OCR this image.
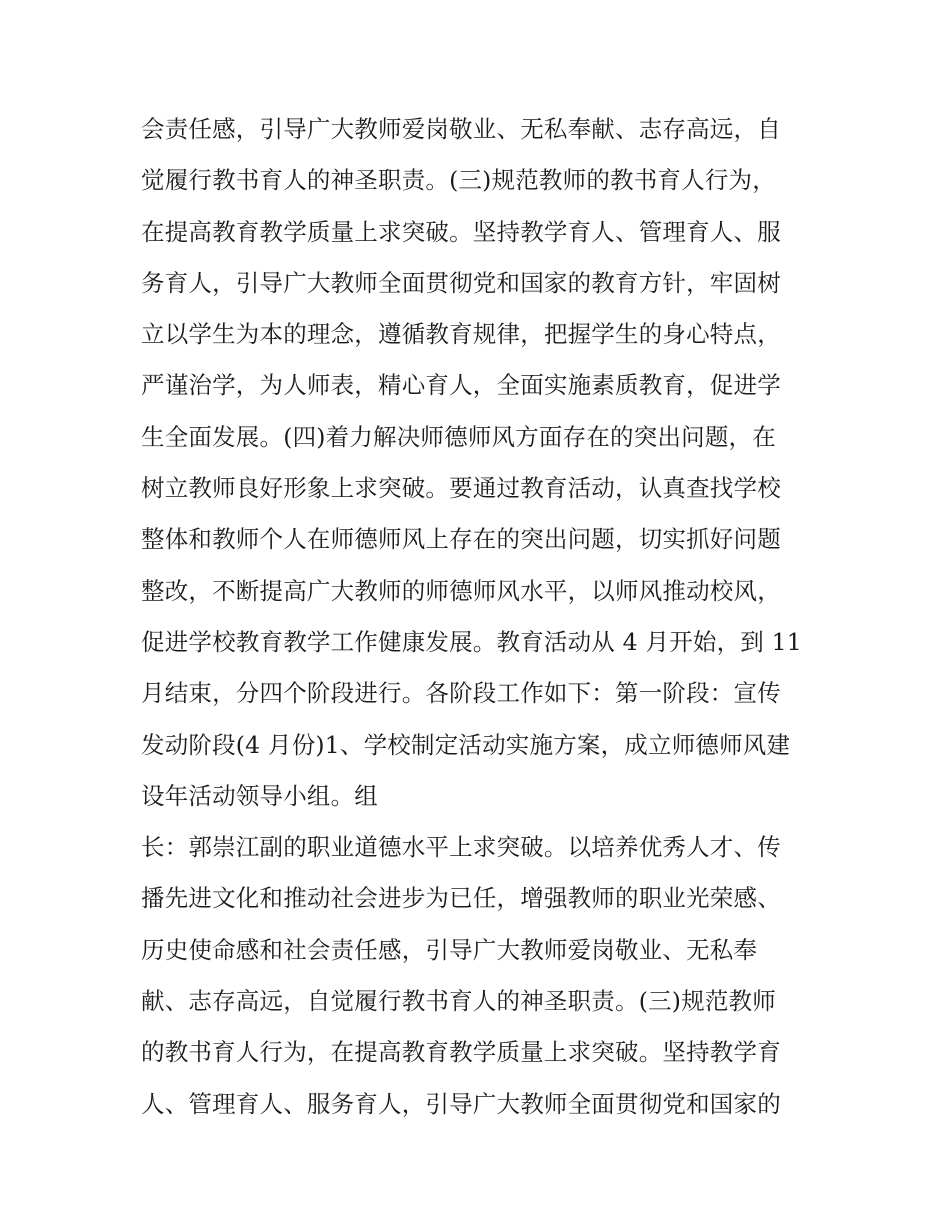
会责任感，引导广大教师爱岗敬业、无私奉献、志存高远，自
觉履行教书育人的神圣职责。(三)规范教师的教书育人行为，
在提高教育教学质量上求突破。坚持教学育人、管理育人、服
务育人，引导广大教师全面贯彻党和国家的教育方针，牢固树
立以学生为本的理念，遵循教育规律，把握学生的身心特点，
严谨治学，为人师表，精心育人，全面实施素质教育，促进学
生全面发展。(四)着力解决师德师风方面存在的突出问题，在
树立教师良好形象上求突破。要通过教育活动，认真查找学校
整体和教师个人在师德师风上存在的突出问题，切实抓好问题
整改，不断提高广大教师的师德师风水平，以师风推动校风，
促进学校教育教学工作健康发展。教育活动从 4 月开始，到 11
月结束，分四个阶段进行。各阶段工作如下：第一阶段：宣传
发动阶段(4 月份)1、学校制定活动实施方案，成立师德师风建
设年活动领导小组。组
长：郭崇江副的职业道德水平上求突破。以培养优秀人才、传
播先进文化和推动社会进步为已任，增强教师的职业光荣感、
历史使命感和社会责任感，引导广大教师爱岗敬业、无私奉
献、志存高远，自觉履行教书育人的神圣职责。(三)规范教师
的教书育人行为，在提高教育教学质量上求突破。坚持教学育
人、管理育人、服务育人，引导广大教师全面贯彻党和国家的
